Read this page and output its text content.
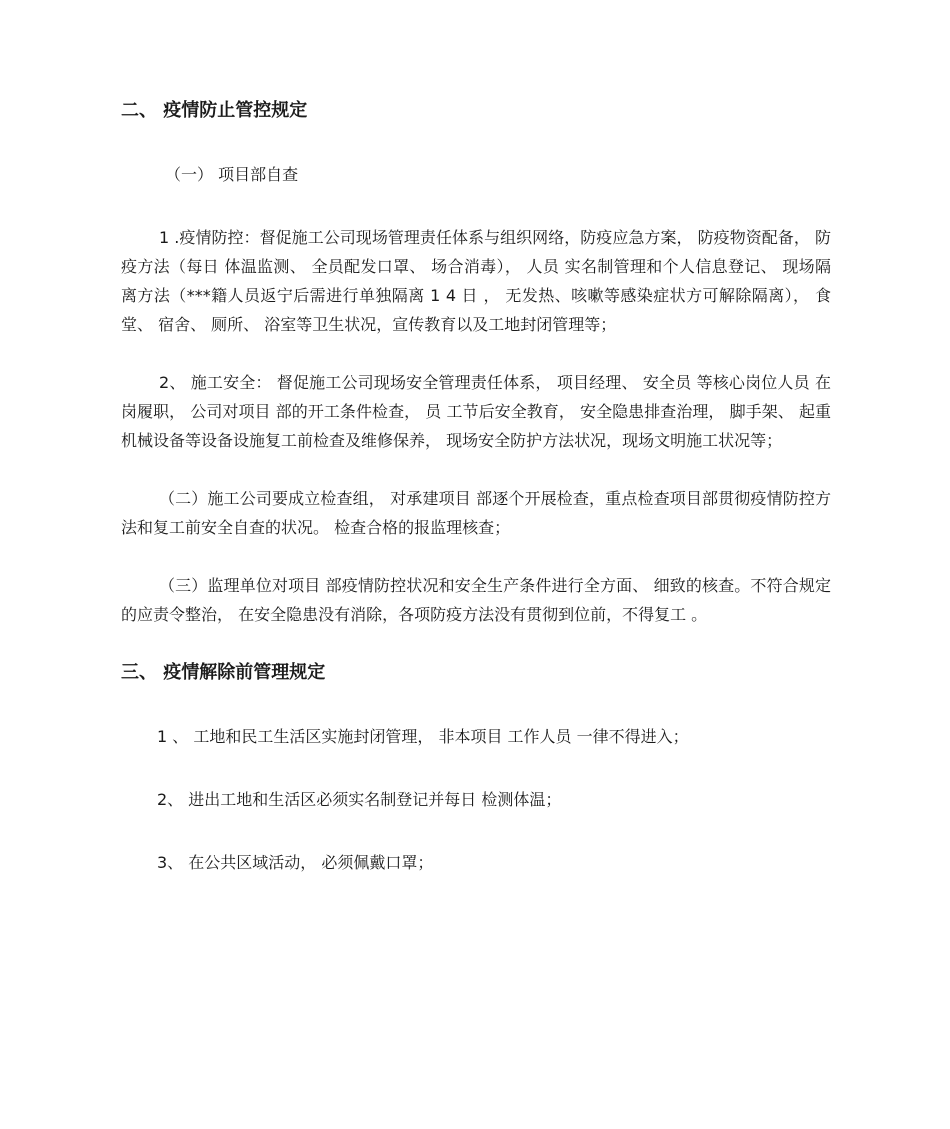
二、 疫情防止管控规定

（一） 项目部自查

1 .疫情防控：督促施工公司现场管理责任体系与组织网络，防疫应急方案， 防疫物资配备， 防疫方法（每日 体温监测、 全员配发口罩、 场合消毒）， 人员 实名制管理和个人信息登记、 现场隔离方法（***籍人员返宁后需进行单独隔离 1 4 日 ， 无发热、咳嗽等感染症状方可解除隔离）， 食堂、 宿舍、 厕所、 浴室等卫生状况，宣传教育以及工地封闭管理等；

2、 施工安全： 督促施工公司现场安全管理责任体系， 项目经理、 安全员 等核心岗位人员 在岗履职， 公司对项目 部的开工条件检查， 员 工节后安全教育， 安全隐患排查治理， 脚手架、 起重机械设备等设备设施复工前检查及维修保养， 现场安全防护方法状况，现场文明施工状况等；

（二）施工公司要成立检查组， 对承建项目 部逐个开展检查，重点检查项目部贯彻疫情防控方法和复工前安全自查的状况。 检查合格的报监理核查；

（三）监理单位对项目 部疫情防控状况和安全生产条件进行全方面、 细致的核查。不符合规定的应责令整治， 在安全隐患没有消除，各项防疫方法没有贯彻到位前，不得复工 。

三、 疫情解除前管理规定

1 、 工地和民工生活区实施封闭管理， 非本项目 工作人员 一律不得进入；

2、 进出工地和生活区必须实名制登记并每日 检测体温；

3、 在公共区域活动， 必须佩戴口罩；
